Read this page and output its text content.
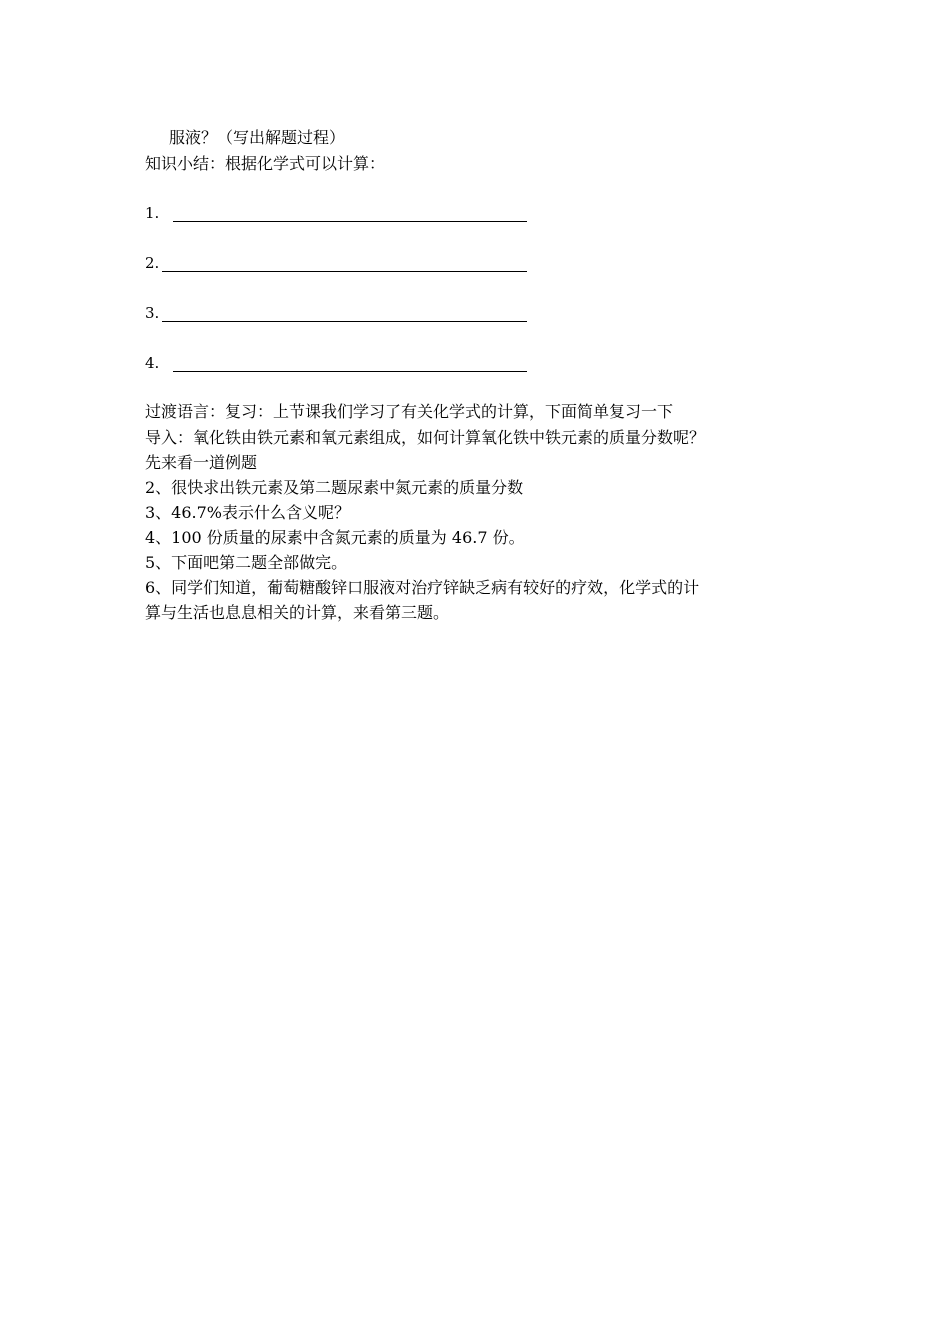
服液？（写出解题过程）
知识小结：根据化学式可以计算：
1.
2.
3.
4.
过渡语言：复习：上节课我们学习了有关化学式的计算，下面简单复习一下
导入：氧化铁由铁元素和氧元素组成，如何计算氧化铁中铁元素的质量分数呢？
先来看一道例题
2、很快求出铁元素及第二题尿素中氮元素的质量分数
3、46.7%表示什么含义呢？
4、100 份质量的尿素中含氮元素的质量为 46.7 份。
5、下面吧第二题全部做完。
6、同学们知道，葡萄糖酸锌口服液对治疗锌缺乏病有较好的疗效，化学式的计
算与生活也息息相关的计算，来看第三题。
